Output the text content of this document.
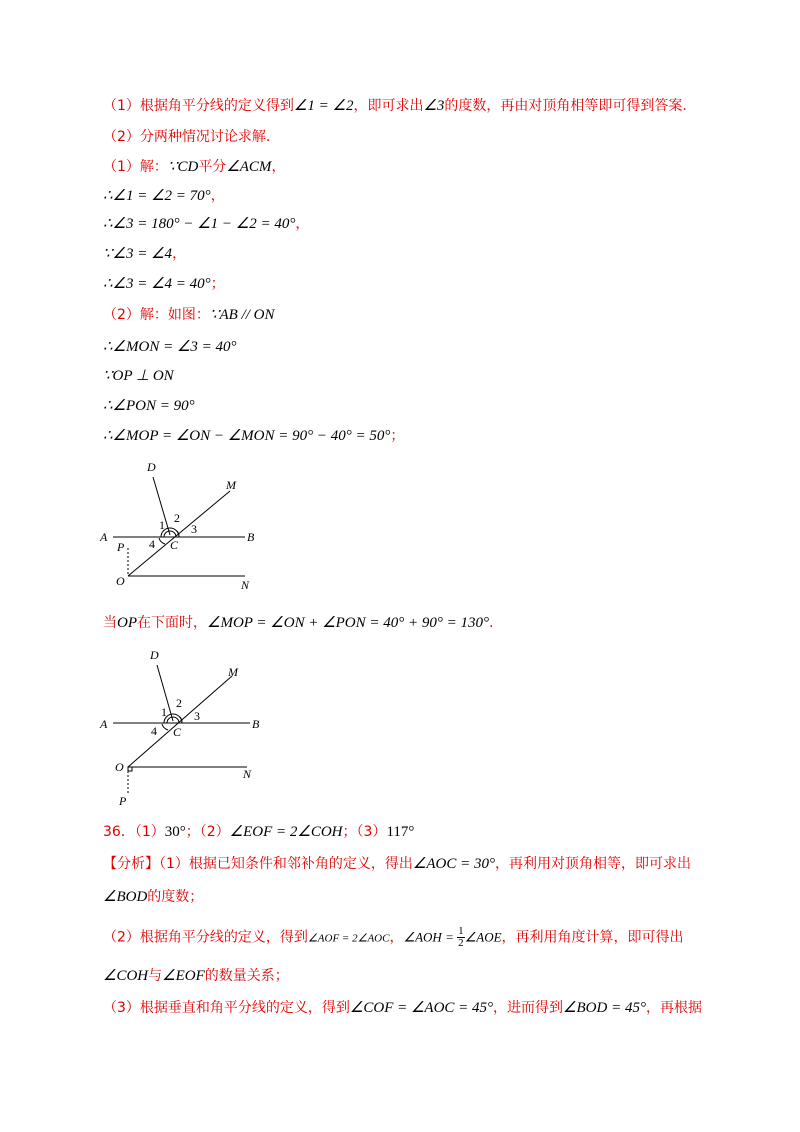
（1）根据角平分线的定义得到∠1 = ∠2，即可求出∠3的度数，再由对顶角相等即可得到答案.
（2）分两种情况讨论求解.
（1）解：∵CD平分∠ACM，
∴∠1 = ∠2 = 70°，
∴∠3 = 180° − ∠1 − ∠2 = 40°，
∵∠3 = ∠4，
∴∠3 = ∠4 = 40°；
（2）解：如图：∵AB // ON
∴∠MON = ∠3 = 40°
∵OP ⊥ ON
∴∠PON = 90°
∴∠MOP = ∠ON − ∠MON = 90° − 40° = 50°；
D
M
A	B
P
O	N
C
1 2
3
4
当OP在下面时，∠MOP = ∠ON + ∠PON = 40° + 90° = 130°.
D
M
A	B
O	N
P
C
1
2
3
4
36．（1）30°；（2）∠EOF = 2∠COH；（3）117°
【分析】（1）根据已知条件和邻补角的定义，得出∠AOC = 30°，再利用对顶角相等，即可求出
∠BOD的度数；
（2）根据角平分线的定义，得到∠AOF = 2∠AOC，∠AOH = $\frac{1}{2}$ ∠AOE，再利用角度计算，即可得出
∠COH与∠EOF的数量关系；
（3）根据垂直和角平分线的定义，得到∠COF = ∠AOC = 45°，进而得到∠BOD = 45°，再根据
